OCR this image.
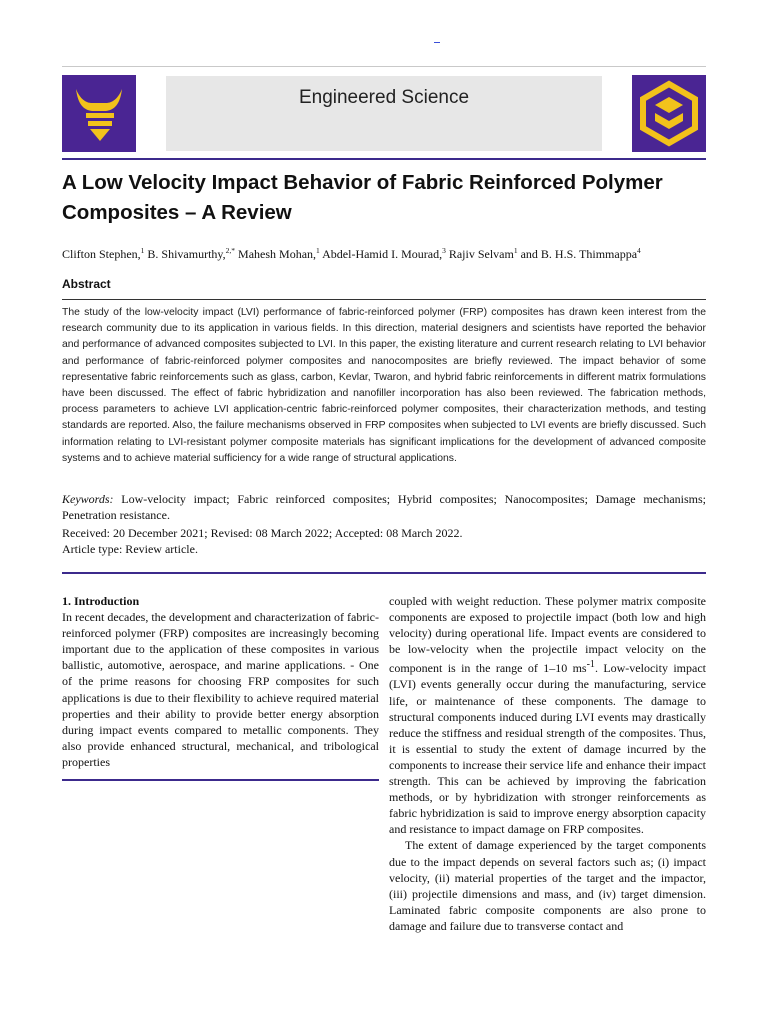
Engineered Science
A Low Velocity Impact Behavior of Fabric Reinforced Polymer Composites – A Review
Clifton Stephen,$^1$ B. Shivamurthy,$^{2,*}$ Mahesh Mohan,$^1$ Abdel-Hamid I. Mourad,$^3$ Rajiv Selvam$^1$ and B. H.S. Thimmappa$^4$
Abstract
The study of the low-velocity impact (LVI) performance of fabric-reinforced polymer (FRP) composites has drawn keen interest from the research community due to its application in various fields. In this direction, material designers and scientists have reported the behavior and performance of advanced composites subjected to LVI. In this paper, the existing literature and current research relating to LVI behavior and performance of fabric-reinforced polymer composites and nanocomposites are briefly reviewed. The impact behavior of some representative fabric reinforcements such as glass, carbon, Kevlar, Twaron, and hybrid fabric reinforcements in different matrix formulations have been discussed. The effect of fabric hybridization and nanofiller incorporation has also been reviewed. The fabrication methods, process parameters to achieve LVI application-centric fabric-reinforced polymer composites, their characterization methods, and testing standards are reported. Also, the failure mechanisms observed in FRP composites when subjected to LVI events are briefly discussed. Such information relating to LVI-resistant polymer composite materials has significant implications for the development of advanced composite systems and to achieve material sufficiency for a wide range of structural applications.
Keywords: Low-velocity impact; Fabric reinforced composites; Hybrid composites; Nanocomposites; Damage mechanisms; Penetration resistance.
Received: 20 December 2021; Revised: 08 March 2022; Accepted: 08 March 2022.
Article type: Review article.
1. Introduction

In recent decades, the development and characterization of fabric-reinforced polymer (FRP) composites are increasingly becoming important due to the application of these composites in various ballistic, automotive, aerospace, and marine applications. ‑ One of the prime reasons for choosing FRP composites for such applications is due to their flexibility to achieve required material properties and their ability to provide better energy absorption during impact events compared to metallic components. They also provide enhanced structural, mechanical, and tribological properties

coupled with weight reduction. These polymer matrix composite components are exposed to projectile impact (both low and high velocity) during operational life. Impact events are considered to be low-velocity when the projectile impact velocity on the component is in the range of 1–10 $ms^{-1}$. Low-velocity impact (LVI) events generally occur during the manufacturing, service life, or maintenance of these components. The damage to structural components induced during LVI events may drastically reduce the stiffness and residual strength of the composites. Thus, it is essential to study the extent of damage incurred by the components to increase their service life and enhance their impact strength. This can be achieved by improving the fabrication methods, or by hybridization with stronger reinforcements as fabric hybridization is said to improve energy absorption capacity and resistance to impact damage on FRP composites.

The extent of damage experienced by the target components due to the impact depends on several factors such as; (i) impact velocity, (ii) material properties of the target and the impactor, (iii) projectile dimensions and mass, and (iv) target dimension. Laminated fabric composite components are also prone to damage and failure due to transverse contact and
